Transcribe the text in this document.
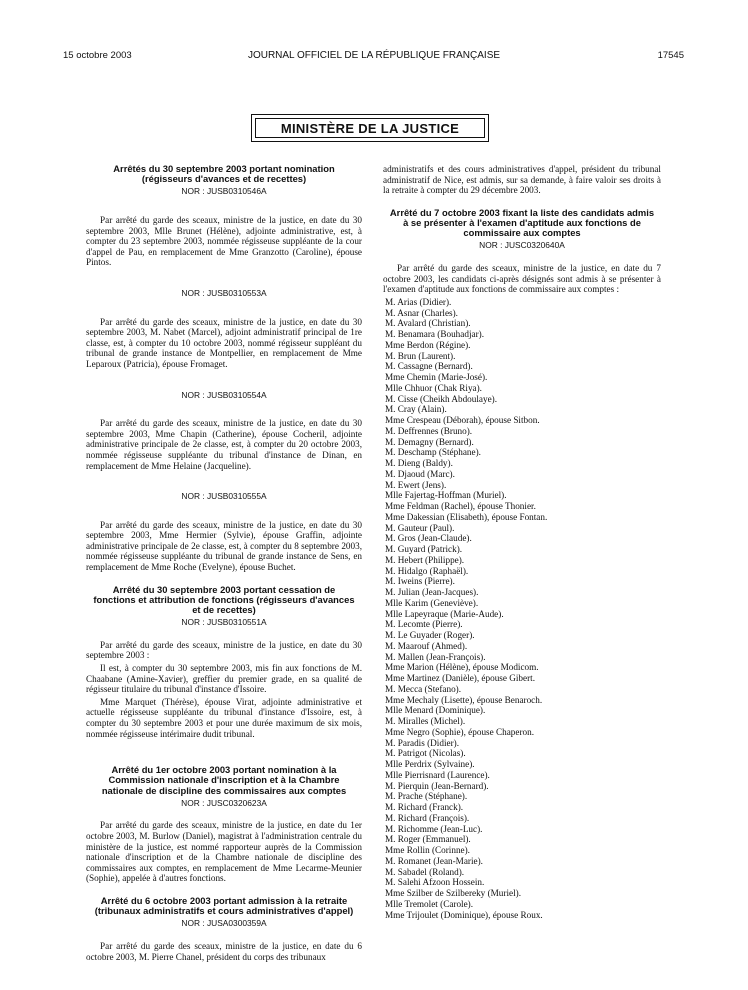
15 octobre 2003	JOURNAL OFFICIEL DE LA RÉPUBLIQUE FRANÇAISE	17545
MINISTÈRE DE LA JUSTICE
Arrêtés du 30 septembre 2003 portant nomination (régisseurs d'avances et de recettes)
NOR : JUSB0310546A

Par arrêté du garde des sceaux, ministre de la justice, en date du 30 septembre 2003, Mlle Brunet (Hélène), adjointe administrative, est, à compter du 23 septembre 2003, nommée régisseuse suppléante de la cour d'appel de Pau, en remplacement de Mme Granzotto (Caroline), épouse Pintos.

NOR : JUSB0310553A

Par arrêté du garde des sceaux, ministre de la justice, en date du 30 septembre 2003, M. Nabet (Marcel), adjoint administratif principal de 1re classe, est, à compter du 10 octobre 2003, nommé régisseur suppléant du tribunal de grande instance de Montpellier, en remplacement de Mme Leparoux (Patricia), épouse Fromaget.

NOR : JUSB0310554A

Par arrêté du garde des sceaux, ministre de la justice, en date du 30 septembre 2003, Mme Chapin (Catherine), épouse Cocheril, adjointe administrative principale de 2e classe, est, à compter du 20 octobre 2003, nommée régisseuse suppléante du tribunal d'instance de Dinan, en remplacement de Mme Helaine (Jacqueline).

NOR : JUSB0310555A

Par arrêté du garde des sceaux, ministre de la justice, en date du 30 septembre 2003, Mme Hermier (Sylvie), épouse Graffin, adjointe administrative principale de 2e classe, est, à compter du 8 septembre 2003, nommée régisseuse suppléante du tribunal de grande instance de Sens, en remplacement de Mme Roche (Evelyne), épouse Buchet.

Arrêté du 30 septembre 2003 portant cessation de fonctions et attribution de fonctions (régisseurs d'avances et de recettes)
NOR : JUSB0310551A

Par arrêté du garde des sceaux, ministre de la justice, en date du 30 septembre 2003 :

Il est, à compter du 30 septembre 2003, mis fin aux fonctions de M. Chaabane (Amine-Xavier), greffier du premier grade, en sa qualité de régisseur titulaire du tribunal d'instance d'Issoire.

Mme Marquet (Thérèse), épouse Virat, adjointe administrative et actuelle régisseuse suppléante du tribunal d'instance d'Issoire, est, à compter du 30 septembre 2003 et pour une durée maximum de six mois, nommée régisseuse intérimaire dudit tribunal.

Arrêté du 1er octobre 2003 portant nomination à la Commission nationale d'inscription et à la Chambre nationale de discipline des commissaires aux comptes
NOR : JUSC0320623A

Par arrêté du garde des sceaux, ministre de la justice, en date du 1er octobre 2003, M. Burlow (Daniel), magistrat à l'administration centrale du ministère de la justice, est nommé rapporteur auprès de la Commission nationale d'inscription et de la Chambre nationale de discipline des commissaires aux comptes, en remplacement de Mme Lecarme-Meunier (Sophie), appelée à d'autres fonctions.

Arrêté du 6 octobre 2003 portant admission à la retraite (tribunaux administratifs et cours administratives d'appel)
NOR : JUSA0300359A

Par arrêté du garde des sceaux, ministre de la justice, en date du 6 octobre 2003, M. Pierre Chanel, président du corps des tribunaux

administratifs et des cours administratives d'appel, président du tribunal administratif de Nice, est admis, sur sa demande, à faire valoir ses droits à la retraite à compter du 29 décembre 2003.

Arrêté du 7 octobre 2003 fixant la liste des candidats admis à se présenter à l'examen d'aptitude aux fonctions de commissaire aux comptes
NOR : JUSC0320640A

Par arrêté du garde des sceaux, ministre de la justice, en date du 7 octobre 2003, les candidats ci-après désignés sont admis à se présenter à l'examen d'aptitude aux fonctions de commissaire aux comptes :

M. Arias (Didier).
M. Asnar (Charles).
M. Avalard (Christian).
M. Benamara (Bouhadjar).
Mme Berdon (Régine).
M. Brun (Laurent).
M. Cassagne (Bernard).
Mme Chemin (Marie-José).
Mlle Chhuor (Chak Riya).
M. Cisse (Cheikh Abdoulaye).
M. Cray (Alain).
Mme Crespeau (Déborah), épouse Sitbon.
M. Deffrennes (Bruno).
M. Demagny (Bernard).
M. Deschamp (Stéphane).
M. Dieng (Baldy).
M. Djaoud (Marc).
M. Ewert (Jens).
Mlle Fajertag-Hoffman (Muriel).
Mme Feldman (Rachel), épouse Thonier.
Mme Dakessian (Elisabeth), épouse Fontan.
M. Gauteur (Paul).
M. Gros (Jean-Claude).
M. Guyard (Patrick).
M. Hebert (Philippe).
M. Hidalgo (Raphaël).
M. Iweins (Pierre).
M. Julian (Jean-Jacques).
Mlle Karim (Geneviève).
Mlle Lapeyraque (Marie-Aude).
M. Lecomte (Pierre).
M. Le Guyader (Roger).
M. Maarouf (Ahmed).
M. Mallen (Jean-François).
Mme Marion (Hélène), épouse Modicom.
Mme Martinez (Danièle), épouse Gibert.
M. Mecca (Stefano).
Mme Mechaly (Lisette), épouse Benaroch.
Mlle Menard (Dominique).
M. Miralles (Michel).
Mme Negro (Sophie), épouse Chaperon.
M. Paradis (Didier).
M. Patrigot (Nicolas).
Mlle Perdrix (Sylvaine).
Mlle Pierrisnard (Laurence).
M. Pierquin (Jean-Bernard).
M. Prache (Stéphane).
M. Richard (Franck).
M. Richard (François).
M. Richomme (Jean-Luc).
M. Roger (Emmanuel).
Mme Rollin (Corinne).
M. Romanet (Jean-Marie).
M. Sabadel (Roland).
M. Salehi Afzoon Hossein.
Mme Szilber de Szilbereky (Muriel).
Mlle Tremolet (Carole).
Mme Trijoulet (Dominique), épouse Roux.
